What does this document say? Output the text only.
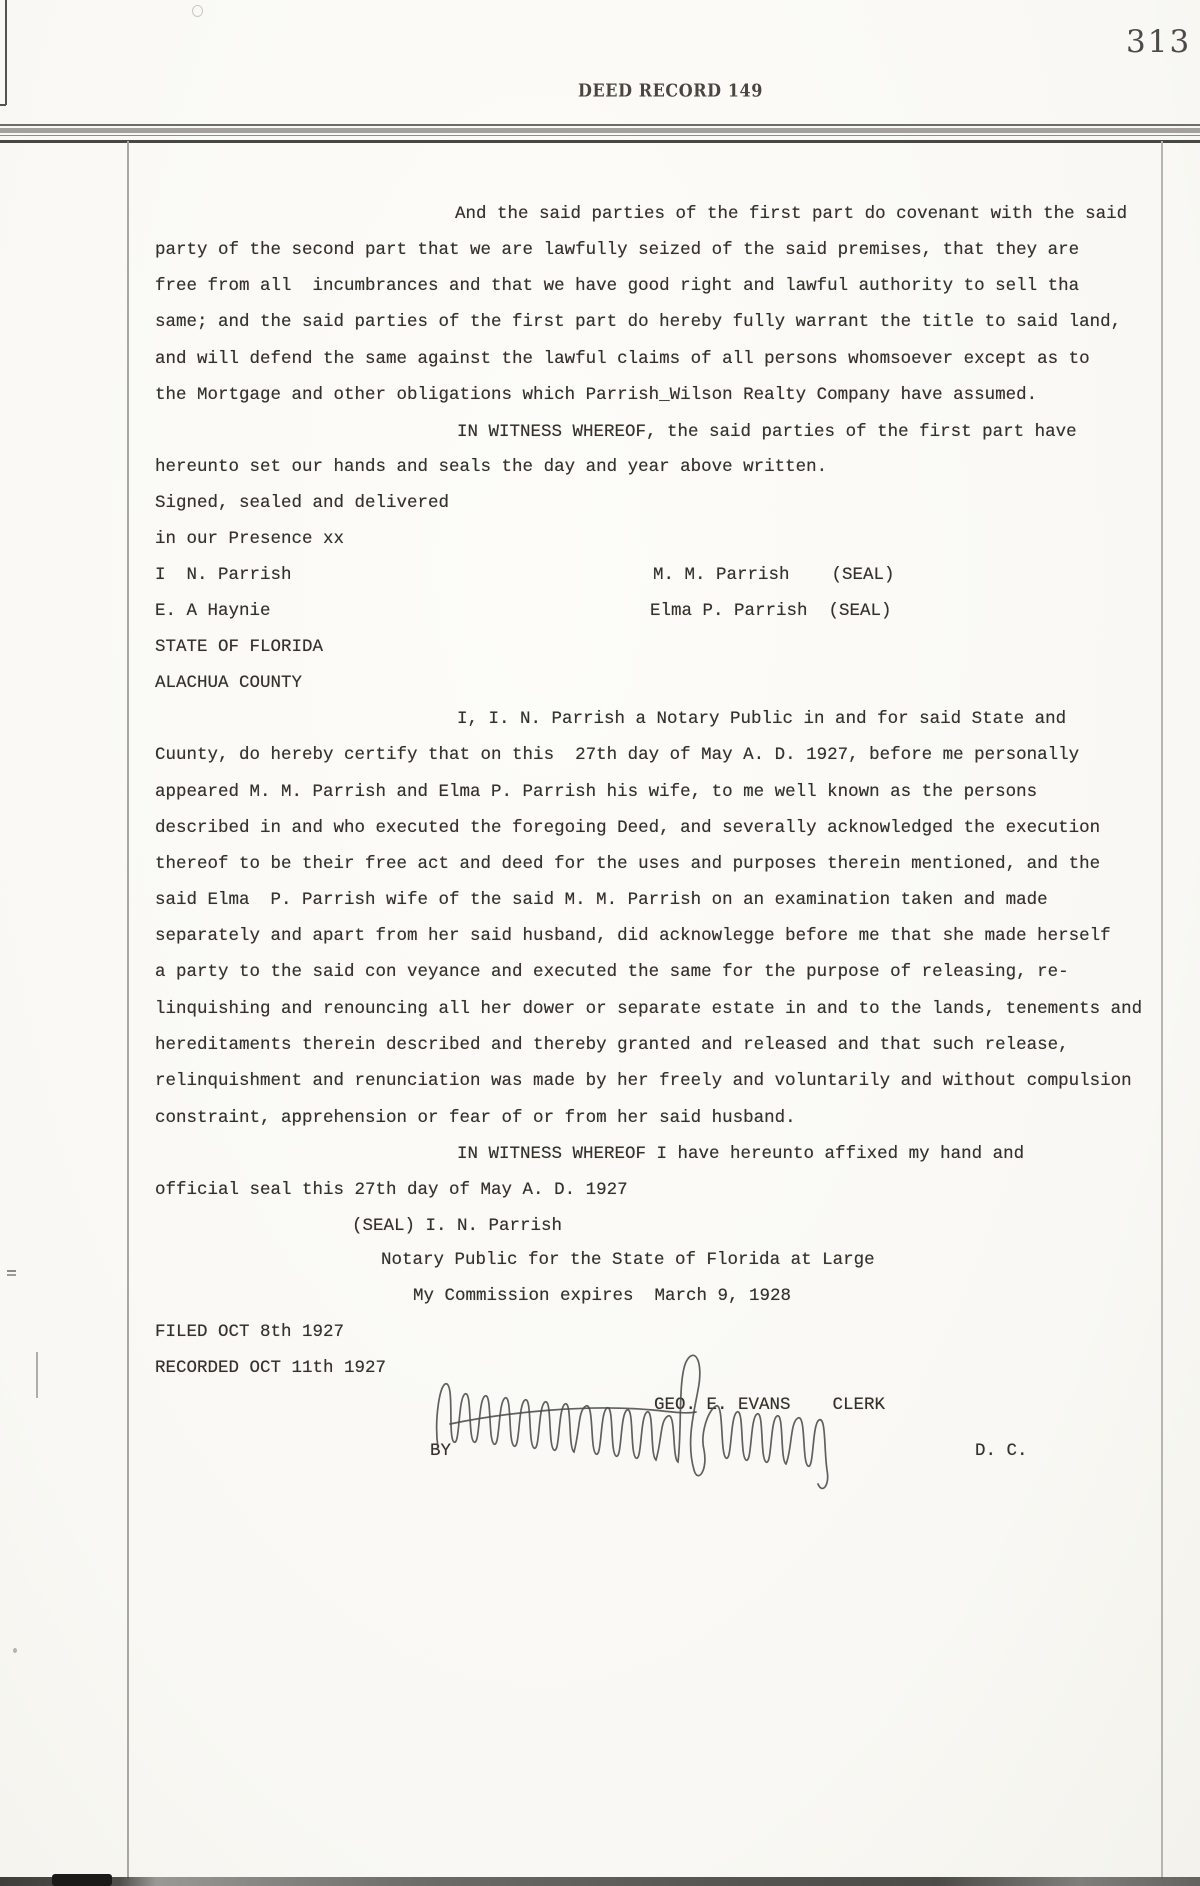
313
DEED RECORD 149
And the said parties of the first part do covenant with the said
party of the second part that we are lawfully seized of the said premises, that they are
free from all  incumbrances and that we have good right and lawful authority to sell tha
same; and the said parties of the first part do hereby fully warrant the title to said land,
and will defend the same against the lawful claims of all persons whomsoever except as to
the Mortgage and other obligations which Parrish_Wilson Realty Company have assumed.
IN WITNESS WHEREOF, the said parties of the first part have
hereunto set our hands and seals the day and year above written.
Signed, sealed and delivered
in our Presence xx
I  N. Parrish	M. M. Parrish    (SEAL)
E. A Haynie	Elma P. Parrish  (SEAL)
STATE OF FLORIDA
ALACHUA COUNTY
I, I. N. Parrish a Notary Public in and for said State and
Cuunty, do hereby certify that on this  27th day of May A. D. 1927, before me personally
appeared M. M. Parrish and Elma P. Parrish his wife, to me well known as the persons
described in and who executed the foregoing Deed, and severally acknowledged the execution
thereof to be their free act and deed for the uses and purposes therein mentioned, and the
said Elma  P. Parrish wife of the said M. M. Parrish on an examination taken and made
separately and apart from her said husband, did acknowlegge before me that she made herself
a party to the said con veyance and executed the same for the purpose of releasing, re-
linquishing and renouncing all her dower or separate estate in and to the lands, tenements and
hereditaments therein described and thereby granted and released and that such release,
relinquishment and renunciation was made by her freely and voluntarily and without compulsion
constraint, apprehension or fear of or from her said husband.
IN WITNESS WHEREOF I have hereunto affixed my hand and
official seal this 27th day of May A. D. 1927
(SEAL) I. N. Parrish
Notary Public for the State of Florida at Large
My Commission expires  March 9, 1928
FILED OCT 8th 1927
RECORDED OCT 11th 1927
GEO. E. EVANS    CLERK
BY	D. C.
